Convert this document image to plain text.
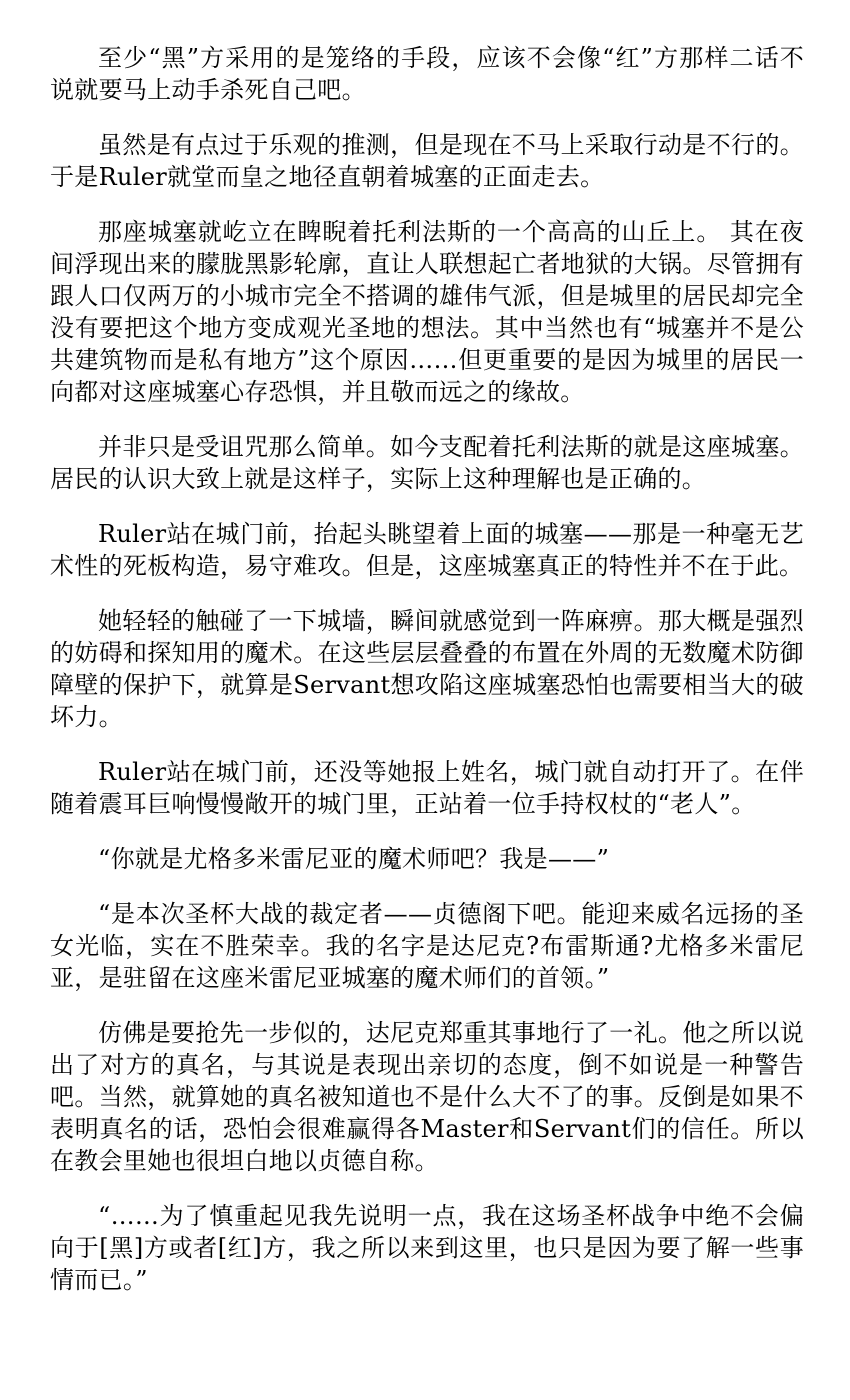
至少“黑”方采用的是笼络的手段，应该不会像“红”方那样二话不说就要马上动手杀死自己吧。

虽然是有点过于乐观的推测，但是现在不马上采取行动是不行的。于是Ruler就堂而皇之地径直朝着城塞的正面走去。

那座城塞就屹立在睥睨着托利法斯的一个高高的山丘上。 其在夜间浮现出来的朦胧黑影轮廓，直让人联想起亡者地狱的大锅。尽管拥有跟人口仅两万的小城市完全不搭调的雄伟气派，但是城里的居民却完全没有要把这个地方变成观光圣地的想法。其中当然也有“城塞并不是公共建筑物而是私有地方”这个原因……但更重要的是因为城里的居民一向都对这座城塞心存恐惧，并且敬而远之的缘故。

并非只是受诅咒那么简单。如今支配着托利法斯的就是这座城塞。居民的认识大致上就是这样子，实际上这种理解也是正确的。

Ruler站在城门前，抬起头眺望着上面的城塞——那是一种毫无艺术性的死板构造，易守难攻。但是，这座城塞真正的特性并不在于此。

她轻轻的触碰了一下城墙，瞬间就感觉到一阵麻痹。那大概是强烈的妨碍和探知用的魔术。在这些层层叠叠的布置在外周的无数魔术防御障壁的保护下，就算是Servant想攻陷这座城塞恐怕也需要相当大的破坏力。

Ruler站在城门前，还没等她报上姓名，城门就自动打开了。在伴随着震耳巨响慢慢敞开的城门里，正站着一位手持权杖的“老人”。

“你就是尤格多米雷尼亚的魔术师吧？我是——”

“是本次圣杯大战的裁定者——贞德阁下吧。能迎来威名远扬的圣女光临，实在不胜荣幸。我的名字是达尼克?布雷斯通?尤格多米雷尼亚，是驻留在这座米雷尼亚城塞的魔术师们的首领。”

仿佛是要抢先一步似的，达尼克郑重其事地行了一礼。他之所以说出了对方的真名，与其说是表现出亲切的态度，倒不如说是一种警告吧。当然，就算她的真名被知道也不是什么大不了的事。反倒是如果不表明真名的话，恐怕会很难赢得各Master和Servant们的信任。所以在教会里她也很坦白地以贞德自称。

“……为了慎重起见我先说明一点，我在这场圣杯战争中绝不会偏向于[黑]方或者[红]方，我之所以来到这里，也只是因为要了解一些事情而已。”
